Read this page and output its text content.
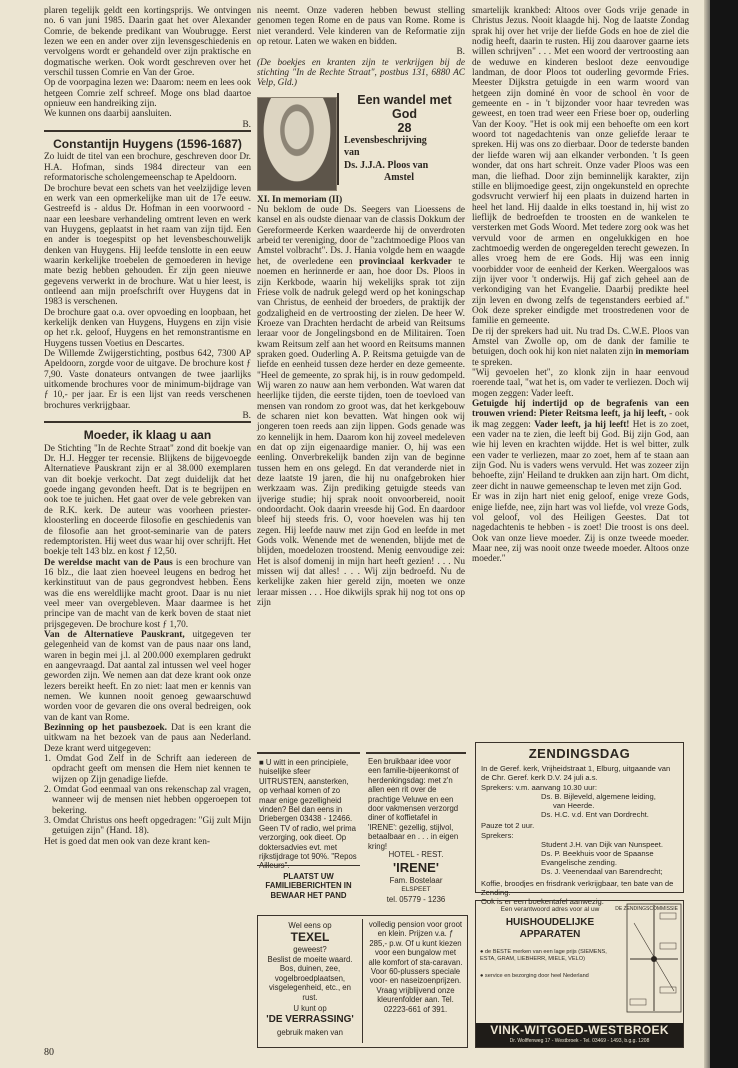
plaren tegelijk geldt een kortingsprijs. We ontvingen no. 6 van juni 1985. Daarin gaat het over Alexander Comrie, de bekende predikant van Woubrugge. Eerst lezen we een en ander over zijn levensgeschiedenis en vervolgens wordt er gehandeld over zijn praktische en dogmatische werken. Ook wordt geschreven over het verschil tussen Comrie en Van der Groe.

Op de voorpagina lezen we: Daarom: neem en lees ook hetgeen Comrie zelf schreef. Moge ons blad daartoe opnieuw een handreiking zijn.

We kunnen ons daarbij aansluiten.

B.

Constantijn Huygens (1596-1687)

Zo luidt de titel van een brochure, geschreven door Dr. H.A. Hofman, sinds 1984 directeur van een reformatorische scholengemeenschap te Apeldoorn.

De brochure bevat een schets van het veelzijdige leven en werk van een opmerkelijke man uit de 17e eeuw. Gestreefd is - aldus Dr. Hofman in een voorwoord - naar een leesbare verhandeling omtrent leven en werk van Huygens, geplaatst in het raam van zijn tijd. Een en ander is toegespitst op het levensbeschouwelijk denken van Huygens. Hij leefde tenslotte in een eeuw waarin kerkelijke troebelen de gemoederen in hevige mate bezig hebben gehouden. Er zijn geen nieuwe gegevens verwerkt in de brochure. Wat u hier leest, is ontleend aan mijn proefschrift over Huygens dat in 1983 is verschenen.

De brochure gaat o.a. over opvoeding en loopbaan, het kerkelijk denken van Huygens, Huygens en zijn visie op het r.k. geloof, Huygens en het remonstrantisme en Huygens tussen Voetius en Descartes.

De Willemde Zwijgerstichting, postbus 642, 7300 AP Apeldoorn, zorgde voor de uitgave. De brochure kost ƒ 7,90. Vaste donateurs ontvangen de twee jaarlijks uitkomende brochures voor de minimum-bijdrage van ƒ 10,- per jaar. Er is een lijst van reeds verschenen brochures verkrijgbaar.

B.

Moeder, ik klaag u aan

De Stichting "In de Rechte Straat" zond dit boekje van Dr. H.J. Hegger ter recensie. Blijkens de bijgevoegde Alternatieve Pauskrant zijn er al 38.000 exemplaren van dit boekje verkocht. Dat zegt duidelijk dat het goede ingang gevonden heeft. Dat is te begrijpen en ook toe te juichen. Het gaat over de vele gebreken van de R.K. kerk. De auteur was voorheen priester-kloosterling en doceerde filosofie en geschiedenis van de filosofie aan het groot-seminarie van de paters redemptoristen. Hij weet dus waar hij over schrijft. Het boekje telt 143 blz. en kost ƒ 12,50.

De wereldse macht van de Paus is een brochure van 16 blz., die laat zien hoeveel leugens en bedrog het kerkinstituut van de paus gegrondvest hebben. Eens was die ens wereldlijke macht groot. Daar is nu niet veel meer van overgebleven. Maar daarmee is het principe van de macht van de kerk boven de staat niet prijsgegeven. De brochure kost ƒ 1,70.

Van de Alternatieve Pauskrant, uitgegeven ter gelegenheid van de komst van de paus naar ons land, waren in begin mei j.l. al 200.000 exemplaren gedrukt en aangevraagd. Dat aantal zal intussen wel veel hoger geworden zijn. We nemen aan dat deze krant ook onze lezers bereikt heeft. En zo niet: laat men er kennis van nemen. We kunnen nooit genoeg gewaarschuwd worden voor de gevaren die ons overal bedreigen, ook van de kant van Rome.

Bezinning op het pausbezoek. Dat is een krant die uitkwam na het bezoek van de paus aan Nederland. Deze krant werd uitgegeven:

1. Omdat God Zelf in de Schrift aan iedereen de opdracht geeft om mensen die Hem niet kennen te wijzen op Zijn genadige liefde.

2. Omdat God eenmaal van ons rekenschap zal vragen, wanneer wij de mensen niet hebben opgeroepen tot bekering.

3. Omdat Christus ons heeft opgedragen: "Gij zult Mijn getuigen zijn" (Hand. 18).

Het is goed dat men ook van deze krant ken-

nis neemt. Onze vaderen hebben bewust stelling genomen tegen Rome en de paus van Rome. Rome is niet veranderd. Vele kinderen van de Reformatie zijn op retour. Laten we waken en bidden.

B.

(De boekjes en kranten zijn te verkrijgen bij de stichting "In de Rechte Straat", postbus 131, 6880 AC Velp, Gld.)

Een wandel met God
28
Levensbeschrijving
van
Ds. J.J.A. Ploos van
Amstel

XI. In memoriam (II)

Nu beklom de oude Ds. Seegers van Lioessens de kansel en als oudste dienaar van de classis Dokkum der Gereformeerde Kerken waardeerde hij de onverdroten arbeid ter vereniging, door de "zachtmoedige Ploos van Amstel volbracht". Ds. J. Hania volgde hem en waagde het, de overledene een provinciaal kerkvader te noemen en herinnerde er aan, hoe door Ds. Ploos in zijn Kerkbode, waarin hij wekelijks sprak tot zijn Friese volk de nadruk gelegd werd op het koningschap van Christus, de eenheid der broeders, de praktijk der godzaligheid en de vertroosting der zielen. De heer W. Kroeze van Drachten herdacht de arbeid van Reitsums leraar voor de Jongelingsbond en de Militairen. Toen kwam Reitsum zelf aan het woord en Reitsums mannen spraken goed. Ouderling A. P. Reitsma getuigde van de liefde en eenheid tussen deze herder en deze gemeente. "Heel de gemeente, zo sprak hij, is in rouw gedompeld. Wij waren zo nauw aan hem verbonden. Wat waren dat heerlijke tijden, die eerste tijden, toen de toevloed van mensen van rondom zo groot was, dat het kerkgebouw de scharen niet kon bevatten. Wat hingen ook wij jongeren toen reeds aan zijn lippen. Gods genade was zo kennelijk in hem. Daarom kon hij zoveel medeleven en dat op zijn eigenaardige manier. O, hij was een eenling. Onverbrekelijk banden zijn van de beginne tussen hem en ons gelegd. En dat veranderde niet in deze laatste 19 jaren, die hij nu onafgebroken hier werkzaam was. Zijn prediking getuigde steeds van ijverige studie; hij sprak nooit onvoorbereid, nooit ondoordacht. Ook daarin vreesde hij God. En daardoor bleef hij steeds fris. O, voor hoevelen was hij ten zegen. Hij leefde nauw met zijn God en leefde in met Gods volk. Wenende met de wenenden, blijde met de blijden, moedelozen troostend. Menig eenvoudige zei: Het is alsof domenij in mijn hart heeft gezien! . . . Nu missen wij dat alles! . . . Wij zijn bedroefd. Nu de kerkelijke zaken hier gereld zijn, moeten we onze leraar missen . . . Hoe dikwijls sprak hij nog tot ons op zijn

smartelijk krankbed: Altoos over Gods vrije genade in Christus Jezus. Nooit klaagde hij. Nog de laatste Zondag sprak hij over het vrije der liefde Gods en hoe de ziel die nodig heeft, daarin te rusten. Hij zou daarover gaarne iets willen schrijven" . . . Met een woord der vertroosting aan de weduwe en kinderen besloot deze eenvoudige landman, de door Ploos tot ouderling gevormde Fries. Meester Dijkstra getuigde in een warm woord van hetgeen zijn dominé èn voor de school èn voor de gemeente en - in 't bijzonder voor haar tevreden was geweest, en toen trad weer een Friese boer op, ouderling Van der Kooy. "Het is ook mij een behoefte om een kort woord tot nagedachtenis van onze geliefde leraar te spreken. Hij was ons zo dierbaar. Door de tederste banden der liefde waren wij aan elkander verbonden. 't Is geen wonder, dat ons hart schreit. Onze vader Ploos was een man, die liefhad. Door zijn beminnelijk karakter, zijn stille en blijmoedige geest, zijn ongekunsteld en oprechte godsvrucht verwierf hij een plaats in duizend harten in heel het land. Hij daalde in elks toestand in, hij wist zo lieflijk de bedroefden te troosten en de wankelen te versterken met Gods Woord. Met tedere zorg ook was het vervuld voor de armen en ongelukkigen en hoe zachtmoedig werden de ongeregelden terecht gewezen. In alles vroeg hem de ere Gods. Hij was een innig voorbidder voor de eenheid der Kerken. Weergaloos was zijn ijver voor 't onderwijs. Hij gaf zich geheel aan de verkondiging van het Evangelie. Daarbij predikte heel zijn leven en dwong zelfs de tegenstanders eerbied af." Ook deze spreker eindigde met troostredenen voor de familie en gemeente.

De rij der sprekers had uit. Nu trad Ds. C.W.E. Ploos van Amstel van Zwolle op, om de dank der familie te betuigen, doch ook hij kon niet nalaten zijn in memoriam te spreken.

"Wij gevoelen het", zo klonk zijn in haar eenvoud roerende taal, "wat het is, om vader te verliezen. Doch wij mogen zeggen: Vader leeft.

Getuigde hij indertijd op de begrafenis van een trouwen vriend: Pieter Reitsma leeft, ja hij leeft, - ook ik mag zeggen: Vader leeft, ja hij leeft! Het is zo zoet, een vader na te zien, die leeft bij God. Bij zijn God, aan wie hij leven en krachten wijdde. Het is wel bitter, zulk een vader te verliezen, maar zo zoet, hem af te staan aan zijn God. Nu is vaders wens vervuld. Het was zozeer zijn behoefte, zijn' Heiland te drukken aan zijn hart. Om dicht, zeer dicht in nauwe gemeenschap te leven met zijn God.

Er was in zijn hart niet enig geloof, enige vreze Gods, enige liefde, nee, zijn hart was vol liefde, vol vreze Gods, vol geloof, vol des Heiligen Geestes. Dat tot nagedachtenis te hebben - is zoet! Die troost is ons deel. Ook van onze lieve moeder. Zij is onze tweede moeder. Maar nee, zij was nooit onze tweede moeder. Altoos onze moeder."

■ U witt in een principiele, huiselijke sfeer UITRUSTEN, aansterken, op verhaal komen of zo maar enige gezelligheid vinden? Bel dan eens in Driebergen 03438 - 12466. Geen TV of radio, wel prima verzorging, ook dieet. Op doktersadvies evt. met rijkstijdrage tot 90%. "Repos Ailleurs".
PLAATST UW FAMILIEBERICHTEN IN BEWAAR HET PAND
Een bruikbaar idee voor een familie-bijeenkomst of herdenkingsdag: met z'n allen een rit over de prachtige Veluwe en een door vakmensen verzorgd diner of koffietafel in 'IRENE': gezellig, stijlvol, betaalbaar en . . . in eigen kring!
HOTEL - REST.
'IRENE'
Fam. Bostelaar
ELSPEET
tel. 05779 - 1236
Wel eens op
TEXEL
geweest?
Beslist de moeite waard. Bos, duinen, zee, vogelbroedplaatsen, visgelegenheid, etc., en rust.
U kunt op
'DE VERRASSING'
gebruik maken van
volledig pension voor groot en klein. Prijzen v.a. ƒ 285,- p.w. Of u kunt kiezen voor een bungalow met alle komfort of sta-caravan. Voor 60-plussers speciale voor- en naseizoenprijzen. Vraag vrijblijvend onze kleurenfolder aan. Tel. 02223-661 of 391.
ZENDINGSDAG
In de Geref. kerk, Vrijheidstraat 1, Elburg, uitgaande van de Chr. Geref. kerk D.V. 24 juli a.s.
Sprekers: v.m. aanvang 10.30 uur:
Ds. B. Bijleveld, algemene leiding,
van Heerde.
Ds. H.C. v.d. Ent van Dordrecht.
Pauze tot 2 uur.
Sprekers:
Student J.H. van Dijk van Nunspeet.
Ds. P. Beekhuis voor de Spaanse Evangelische zending.
Ds. J. Veenendaal van Barendrecht;
Koffie, broodjes en frisdrank verkrijgbaar, ten bate van de Zending.
Ook is er een boekentafel aanwezig.
DE ZENDINGSCOMMISSIE
Een verantwoord adres voor al uw
HUISHOUDELIJKE
APPARATEN
● de BESTE merken van een lage prijs (SIEMENS, ESTA, GRAM, LIEBHERR, MIELE, VELO)
● service en bezorging door heel Nederland
VINK-WITGOED-WESTBROEK
Dr. Wolffenweg 17 - Westbroek - Tel. 03469 - 1493, b.g.g. 1208
80
